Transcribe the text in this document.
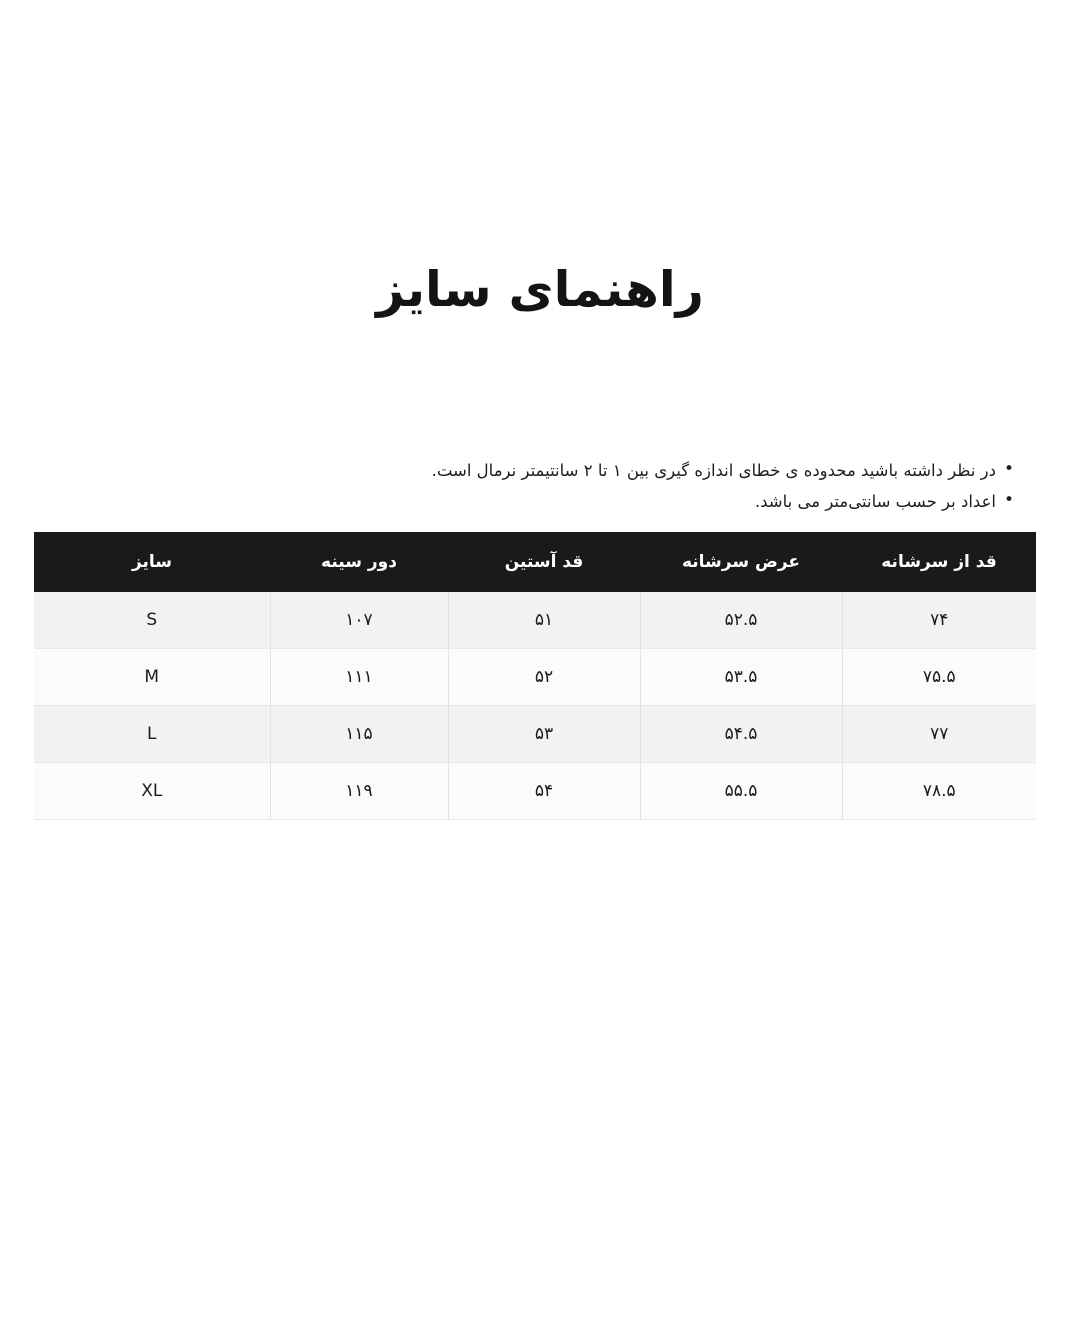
راهنمای سایز
• در نظر داشته باشید محدوده ی خطای اندازه گیری بین ۱ تا ۲ سانتیمتر نرمال است.
• اعداد بر حسب سانتی‌متر می باشد.
قد از سرشانه	عرض سرشانه	قد آستین	دور سینه	سایز
۷۴	۵۲.۵	۵۱	۱۰۷	S
۷۵.۵	۵۳.۵	۵۲	۱۱۱	M
۷۷	۵۴.۵	۵۳	۱۱۵	L
۷۸.۵	۵۵.۵	۵۴	۱۱۹	XL
